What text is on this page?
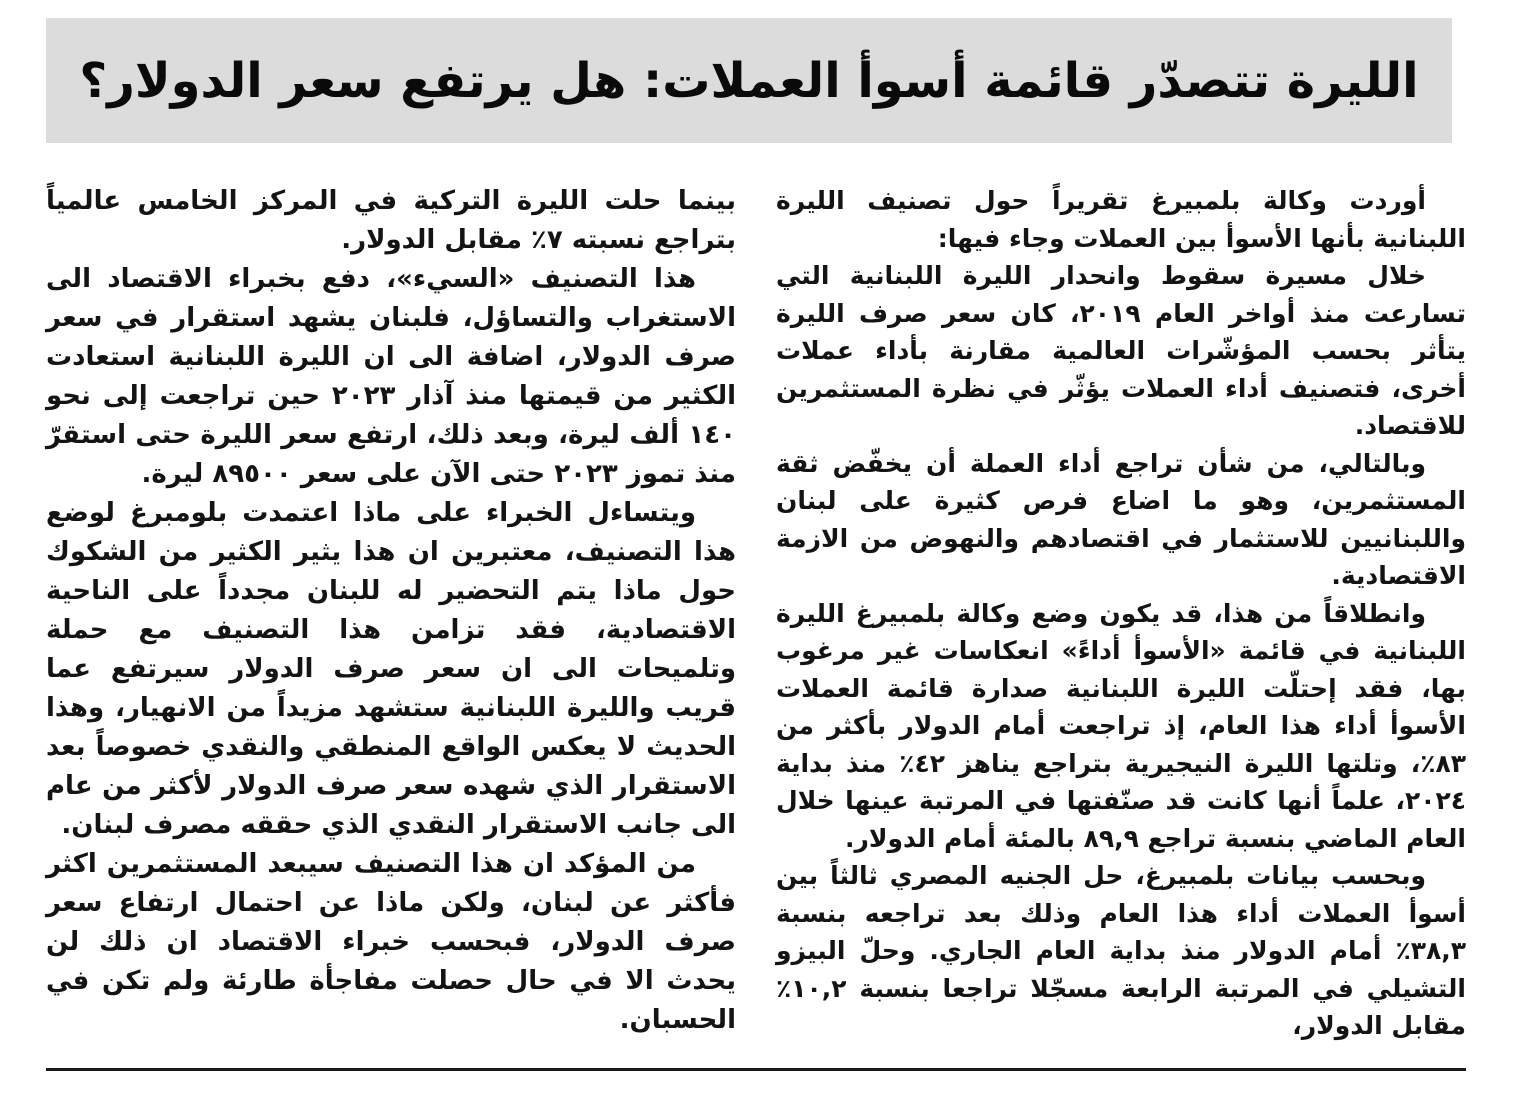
الليرة تتصدّر قائمة أسوأ العملات: هل يرتفع سعر الدولار؟

أوردت وكالة بلمبيرغ تقريراً حول تصنيف الليرة اللبنانية بأنها الأسوأ بين العملات وجاء فيها:

خلال مسيرة سقوط وانحدار الليرة اللبنانية التي تسارعت منذ أواخر العام ٢٠١٩، كان سعر صرف الليرة يتأثر بحسب المؤشّرات العالمية مقارنة بأداء عملات أخرى، فتصنيف أداء العملات يؤثّر في نظرة المستثمرين للاقتصاد.

وبالتالي، من شأن تراجع أداء العملة أن يخفّض ثقة المستثمرين، وهو ما اضاع فرص كثيرة على لبنان واللبنانيين للاستثمار في اقتصادهم والنهوض من الازمة الاقتصادية.

وانطلاقاً من هذا، قد يكون وضع وكالة بلمبيرغ الليرة اللبنانية في قائمة «الأسوأ أداءً» انعكاسات غير مرغوب بها، فقد إحتلّت الليرة اللبنانية صدارة قائمة العملات الأسوأ أداء هذا العام، إذ تراجعت أمام الدولار بأكثر من ٨٣٪، وتلتها الليرة النيجيرية بتراجع يناهز ٤٢٪ منذ بداية ٢٠٢٤، علماً أنها كانت قد صنّفتها في المرتبة عينها خلال العام الماضي بنسبة تراجع ٨٩,٩ بالمئة أمام الدولار.

وبحسب بيانات بلمبيرغ، حل الجنيه المصري ثالثاً بين أسوأ العملات أداء هذا العام وذلك بعد تراجعه بنسبة ٣٨,٣٪ أمام الدولار منذ بداية العام الجاري. وحلّ البيزو التشيلي في المرتبة الرابعة مسجّلا تراجعا بنسبة ١٠,٢٪ مقابل الدولار،

بينما حلت الليرة التركية في المركز الخامس عالمياً بتراجع نسبته ٧٪ مقابل الدولار.

هذا التصنيف «السيء»، دفع بخبراء الاقتصاد الى الاستغراب والتساؤل، فلبنان يشهد استقرار في سعر صرف الدولار، اضافة الى ان الليرة اللبنانية استعادت الكثير من قيمتها منذ آذار ٢٠٢٣ حين تراجعت إلى نحو ١٤٠ ألف ليرة، وبعد ذلك، ارتفع سعر الليرة حتى استقرّ منذ تموز ٢٠٢٣ حتى الآن على سعر ٨٩٥٠٠ ليرة.

ويتساءل الخبراء على ماذا اعتمدت بلومبرغ لوضع هذا التصنيف، معتبرين ان هذا يثير الكثير من الشكوك حول ماذا يتم التحضير له للبنان مجدداً على الناحية الاقتصادية، فقد تزامن هذا التصنيف مع حملة وتلميحات الى ان سعر صرف الدولار سيرتفع عما قريب والليرة اللبنانية ستشهد مزيداً من الانهيار، وهذا الحديث لا يعكس الواقع المنطقي والنقدي خصوصاً بعد الاستقرار الذي شهده سعر صرف الدولار لأكثر من عام الى جانب الاستقرار النقدي الذي حققه مصرف لبنان.

من المؤكد ان هذا التصنيف سيبعد المستثمرين اكثر فأكثر عن لبنان، ولكن ماذا عن احتمال ارتفاع سعر صرف الدولار، فبحسب خبراء الاقتصاد ان ذلك لن يحدث الا في حال حصلت مفاجأة طارئة ولم تكن في الحسبان.
